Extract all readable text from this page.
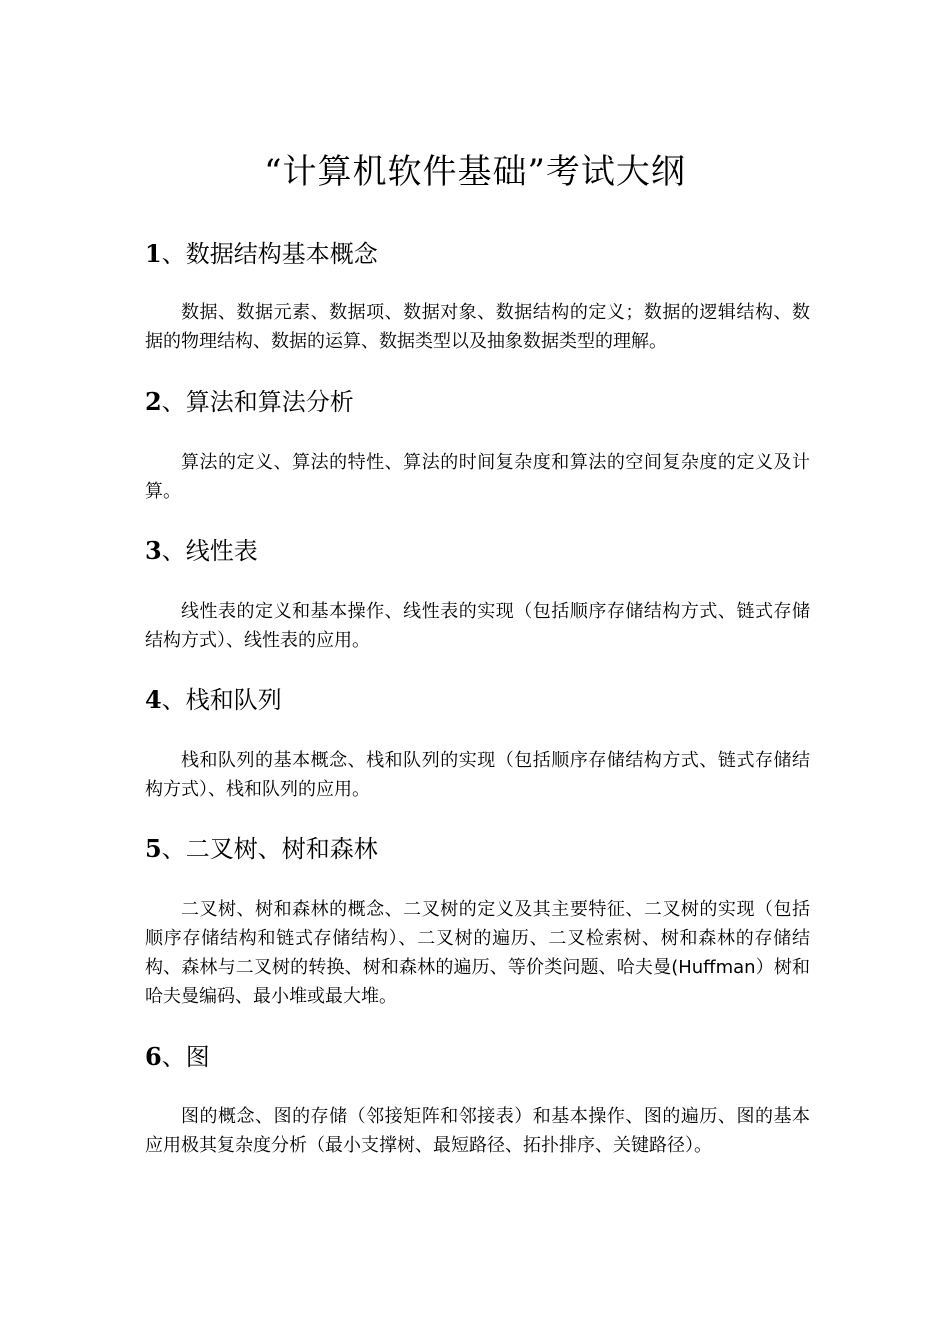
“计算机软件基础”考试大纲
1、数据结构基本概念

数据、数据元素、数据项、数据对象、数据结构的定义；数据的逻辑结构、数据的物理结构、数据的运算、数据类型以及抽象数据类型的理解。

2、算法和算法分析

算法的定义、算法的特性、算法的时间复杂度和算法的空间复杂度的定义及计算。

3、线性表

线性表的定义和基本操作、线性表的实现（包括顺序存储结构方式、链式存储结构方式）、线性表的应用。

4、栈和队列

栈和队列的基本概念、栈和队列的实现（包括顺序存储结构方式、链式存储结构方式）、栈和队列的应用。

5、二叉树、树和森林

二叉树、树和森林的概念、二叉树的定义及其主要特征、二叉树的实现（包括顺序存储结构和链式存储结构）、二叉树的遍历、二叉检索树、树和森林的存储结构、森林与二叉树的转换、树和森林的遍历、等价类问题、哈夫曼(Huffman）树和哈夫曼编码、最小堆或最大堆。

6、图

图的概念、图的存储（邻接矩阵和邻接表）和基本操作、图的遍历、图的基本应用极其复杂度分析（最小支撑树、最短路径、拓扑排序、关键路径）。
